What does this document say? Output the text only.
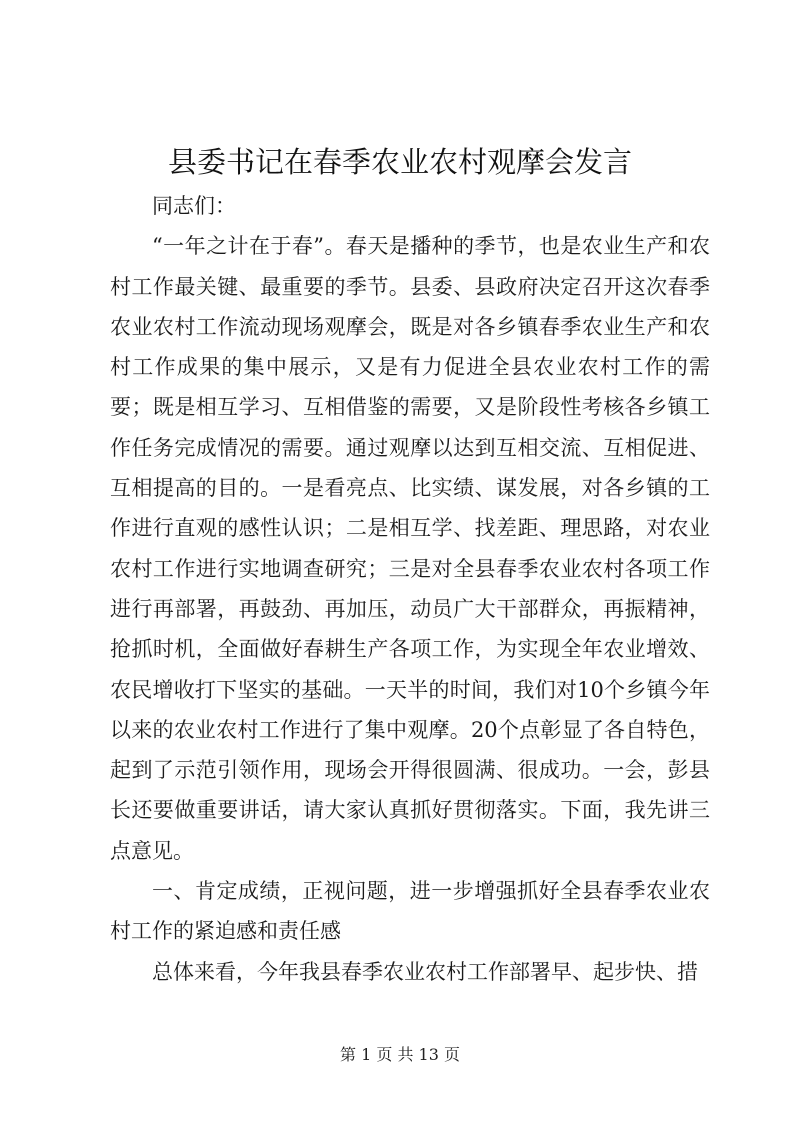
县委书记在春季农业农村观摩会发言

同志们：

“一年之计在于春”。春天是播种的季节，也是农业生产和农村工作最关键、最重要的季节。县委、县政府决定召开这次春季农业农村工作流动现场观摩会，既是对各乡镇春季农业生产和农村工作成果的集中展示，又是有力促进全县农业农村工作的需要；既是相互学习、互相借鉴的需要，又是阶段性考核各乡镇工作任务完成情况的需要。通过观摩以达到互相交流、互相促进、互相提高的目的。一是看亮点、比实绩、谋发展，对各乡镇的工作进行直观的感性认识；二是相互学、找差距、理思路，对农业农村工作进行实地调查研究；三是对全县春季农业农村各项工作进行再部署，再鼓劲、再加压，动员广大干部群众，再振精神，抢抓时机，全面做好春耕生产各项工作，为实现全年农业增效、农民增收打下坚实的基础。一天半的时间，我们对10个乡镇今年以来的农业农村工作进行了集中观摩。20个点彰显了各自特色，起到了示范引领作用，现场会开得很圆满、很成功。一会，彭县长还要做重要讲话，请大家认真抓好贯彻落实。下面，我先讲三点意见。

一、肯定成绩，正视问题，进一步增强抓好全县春季农业农村工作的紧迫感和责任感

总体来看，今年我县春季农业农村工作部署早、起步快、措

第 1 页 共 13 页
